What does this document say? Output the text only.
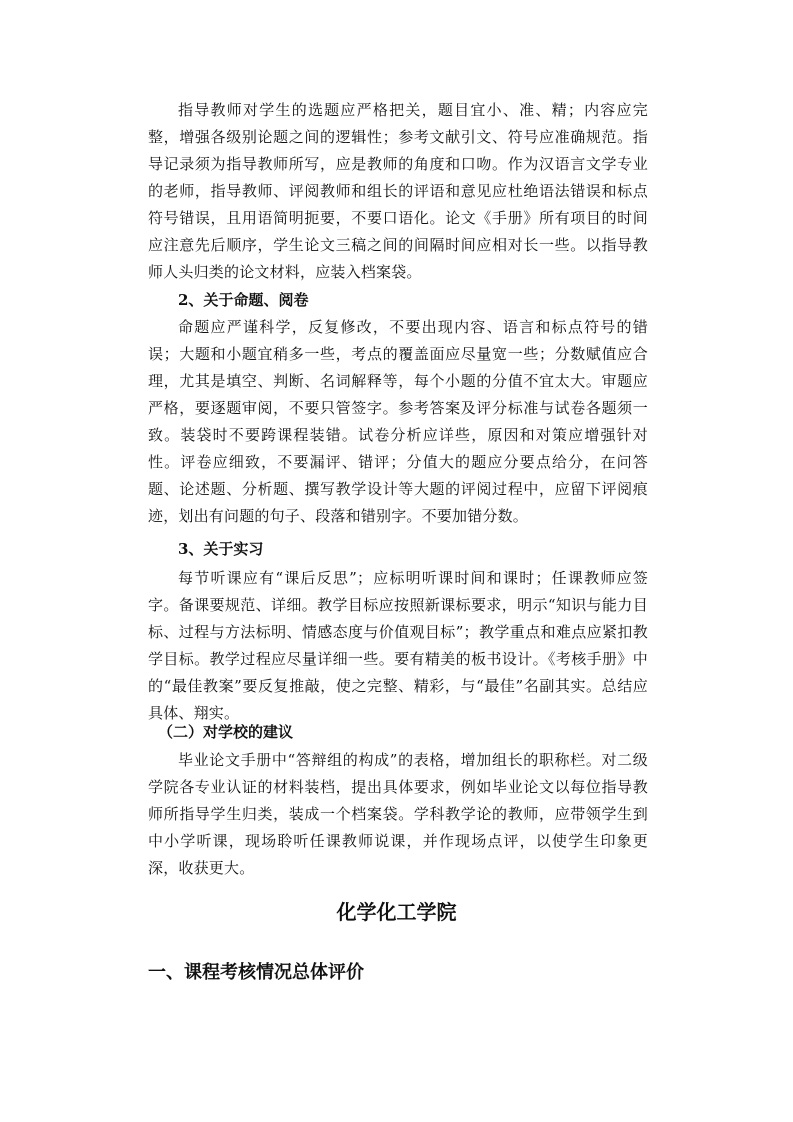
指导教师对学生的选题应严格把关，题目宜小、准、精；内容应完整，增强各级别论题之间的逻辑性；参考文献引文、符号应准确规范。指导记录须为指导教师所写，应是教师的角度和口吻。作为汉语言文学专业的老师，指导教师、评阅教师和组长的评语和意见应杜绝语法错误和标点符号错误，且用语简明扼要，不要口语化。论文《手册》所有项目的时间应注意先后顺序，学生论文三稿之间的间隔时间应相对长一些。以指导教师人头归类的论文材料，应装入档案袋。

2、关于命题、阅卷

命题应严谨科学，反复修改，不要出现内容、语言和标点符号的错误；大题和小题宜稍多一些，考点的覆盖面应尽量宽一些；分数赋值应合理，尤其是填空、判断、名词解释等，每个小题的分值不宜太大。审题应严格，要逐题审阅，不要只管签字。参考答案及评分标准与试卷各题须一致。装袋时不要跨课程装错。试卷分析应详些，原因和对策应增强针对性。评卷应细致，不要漏评、错评；分值大的题应分要点给分，在问答题、论述题、分析题、撰写教学设计等大题的评阅过程中，应留下评阅痕迹，划出有问题的句子、段落和错别字。不要加错分数。

3、关于实习

每节听课应有“课后反思”；应标明听课时间和课时；任课教师应签字。备课要规范、详细。教学目标应按照新课标要求，明示“知识与能力目标、过程与方法标明、情感态度与价值观目标”；教学重点和难点应紧扣教学目标。教学过程应尽量详细一些。要有精美的板书设计。《考核手册》中的“最佳教案”要反复推敲，使之完整、精彩，与“最佳”名副其实。总结应具体、翔实。

（二）对学校的建议

毕业论文手册中“答辩组的构成”的表格，增加组长的职称栏。对二级学院各专业认证的材料装档，提出具体要求，例如毕业论文以每位指导教师所指导学生归类，装成一个档案袋。学科教学论的教师，应带领学生到中小学听课，现场聆听任课教师说课，并作现场点评，以使学生印象更深，收获更大。

化学化工学院
一、课程考核情况总体评价
